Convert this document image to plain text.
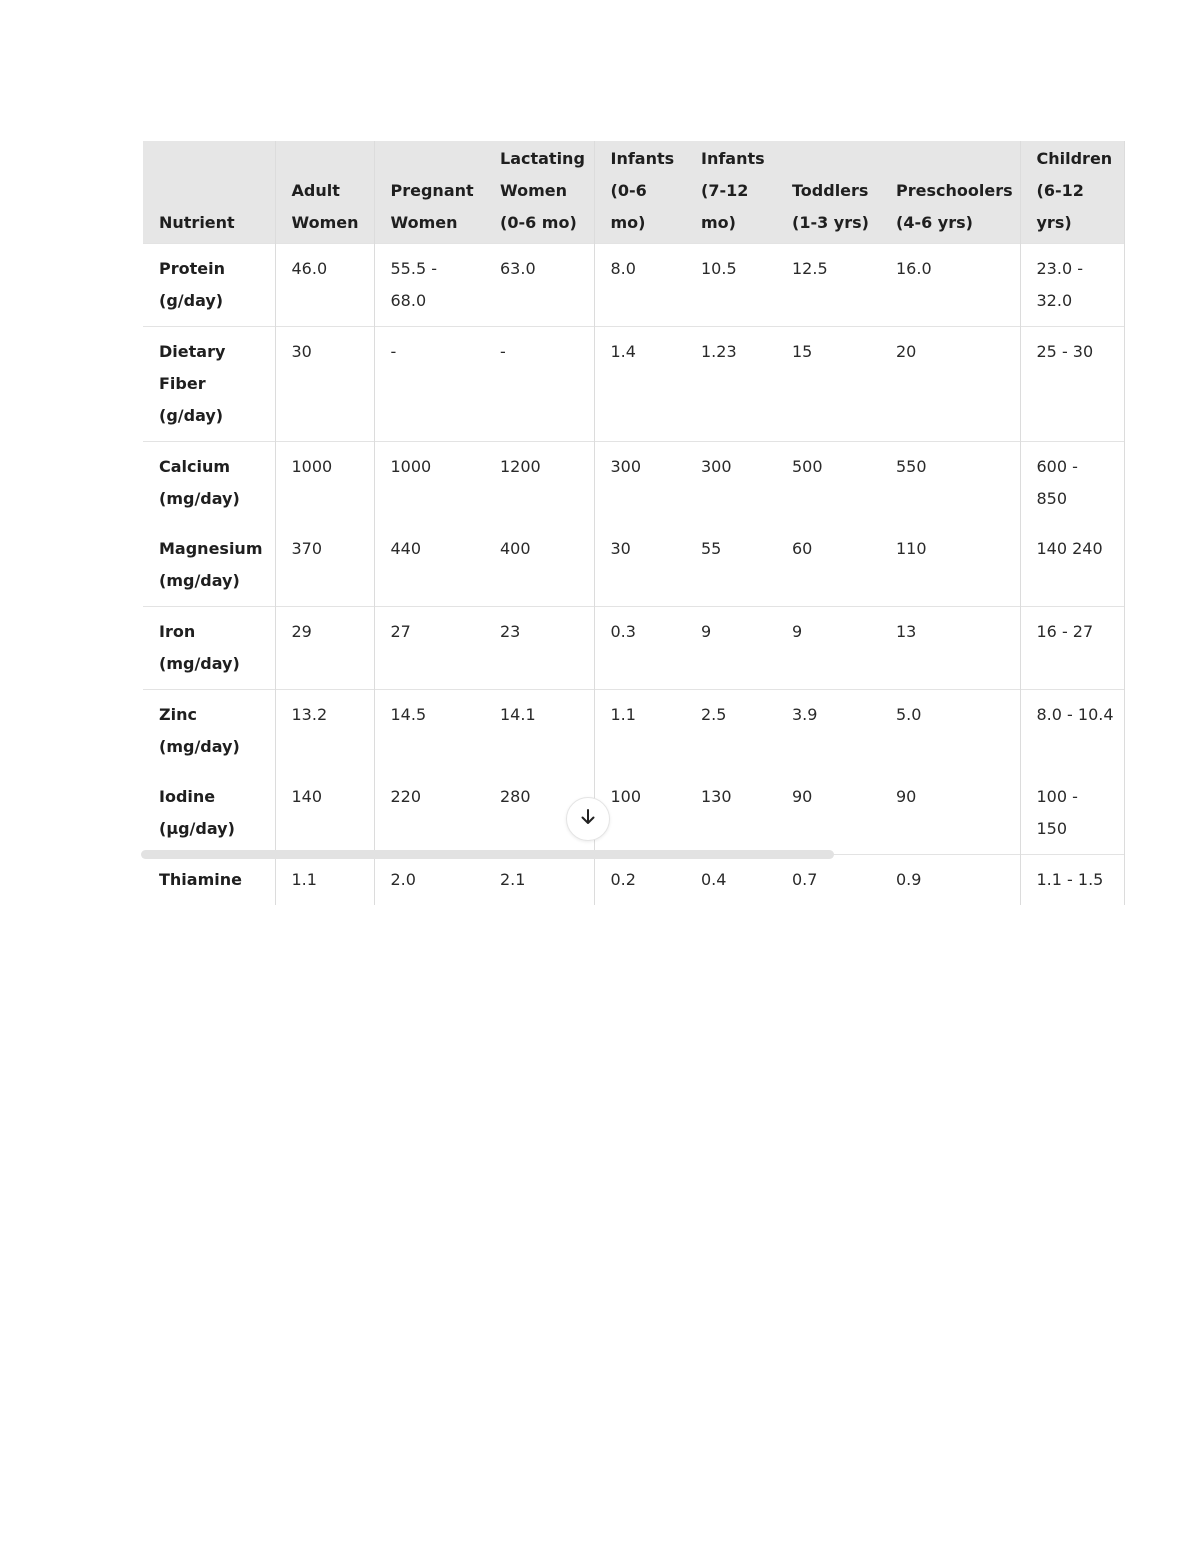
Nutrient	Adult Women	Pregnant Women	Lactating Women (0-6 mo)	Infants (0-6 mo)	Infants (7-12 mo)	Toddlers (1-3 yrs)	Preschoolers (4-6 yrs)	Children (6-12 yrs)
Protein (g/day)	46.0	55.5 - 68.0	63.0	8.0	10.5	12.5	16.0	23.0 - 32.0
Dietary Fiber (g/day)	30	-	-	1.4	1.23	15	20	25 - 30
Calcium (mg/day)	1000	1000	1200	300	300	500	550	600 - 850
Magnesium (mg/day)	370	440	400	30	55	60	110	140 240
Iron (mg/day)	29	27	23	0.3	9	9	13	16 - 27
Zinc (mg/day)	13.2	14.5	14.1	1.1	2.5	3.9	5.0	8.0 - 10.4
Iodine (µg/day)	140	220	280	100	130	90	90	100 - 150
Thiamine	1.1	2.0	2.1	0.2	0.4	0.7	0.9	1.1 - 1.5
